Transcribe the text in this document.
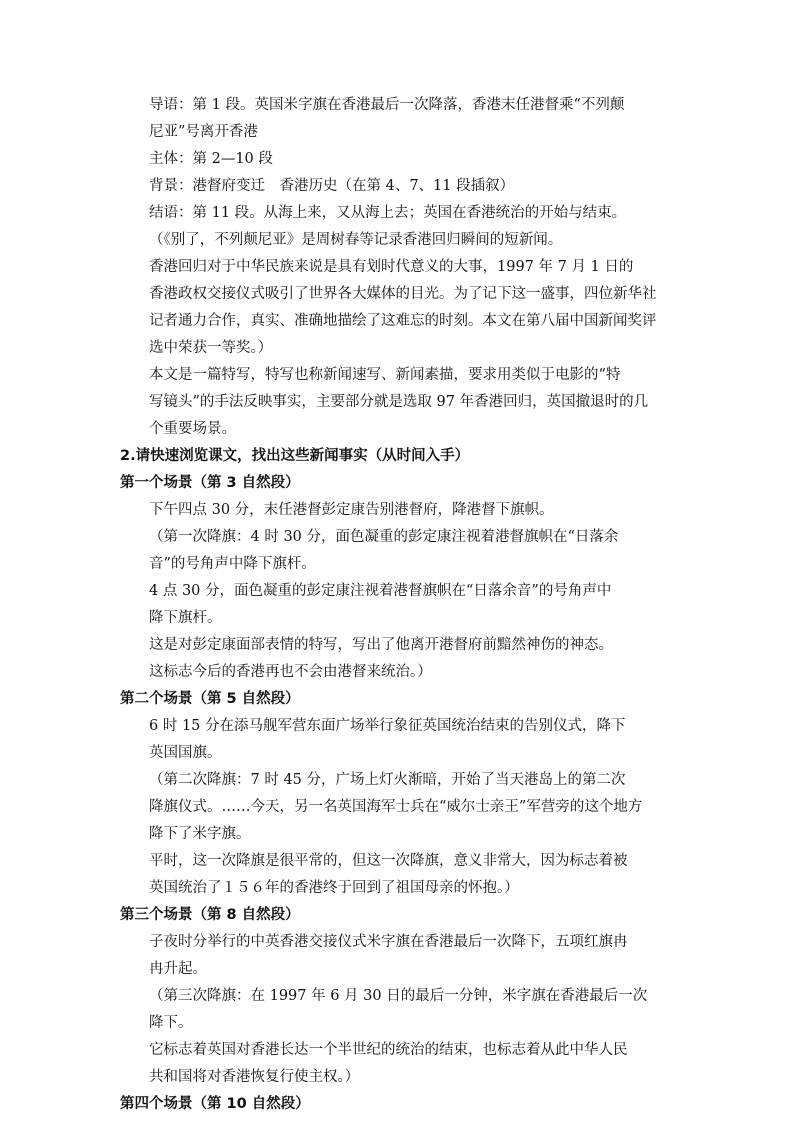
导语：第 1 段。英国米字旗在香港最后一次降落，香港末任港督乘“不列颠
尼亚”号离开香港
主体：第 2—10 段
背景：港督府变迁　香港历史（在第 4、7、11 段插叙）
结语：第 11 段。从海上来，又从海上去；英国在香港统治的开始与结束。
（《别了，不列颠尼亚》是周树春等记录香港回归瞬间的短新闻。
香港回归对于中华民族来说是具有划时代意义的大事，1997 年 7 月 1 日的
香港政权交接仪式吸引了世界各大媒体的目光。为了记下这一盛事，四位新华社
记者通力合作，真实、准确地描绘了这难忘的时刻。本文在第八届中国新闻奖评
选中荣获一等奖。）
本文是一篇特写，特写也称新闻速写、新闻素描，要求用类似于电影的“特
写镜头”的手法反映事实，主要部分就是选取 97 年香港回归，英国撤退时的几
个重要场景。
2.请快速浏览课文，找出这些新闻事实（从时间入手）
第一个场景（第 3 自然段）
下午四点 30 分，末任港督彭定康告别港督府，降港督下旗帜。
（第一次降旗：4 时 30 分，面色凝重的彭定康注视着港督旗帜在“日落余
音”的号角声中降下旗杆。
4 点 30 分，面色凝重的彭定康注视着港督旗帜在“日落余音”的号角声中
降下旗杆。
这是对彭定康面部表情的特写，写出了他离开港督府前黯然神伤的神态。
这标志今后的香港再也不会由港督来统治。）
第二个场景（第 5 自然段）
6 时 15 分在添马舰军营东面广场举行象征英国统治结束的告别仪式，降下
英国国旗。
（第二次降旗：7 时 45 分，广场上灯火渐暗，开始了当天港岛上的第二次
降旗仪式。……今天，另一名英国海军士兵在“威尔士亲王”军营旁的这个地方
降下了米字旗。
平时，这一次降旗是很平常的，但这一次降旗，意义非常大，因为标志着被
英国统治了１５６年的香港终于回到了祖国母亲的怀抱。）
第三个场景（第 8 自然段）
子夜时分举行的中英香港交接仪式米字旗在香港最后一次降下，五项红旗冉
冉升起。
（第三次降旗：在 1997 年 6 月 30 日的最后一分钟，米字旗在香港最后一次
降下。
它标志着英国对香港长达一个半世纪的统治的结束，也标志着从此中华人民
共和国将对香港恢复行使主权。）
第四个场景（第 10 自然段）
